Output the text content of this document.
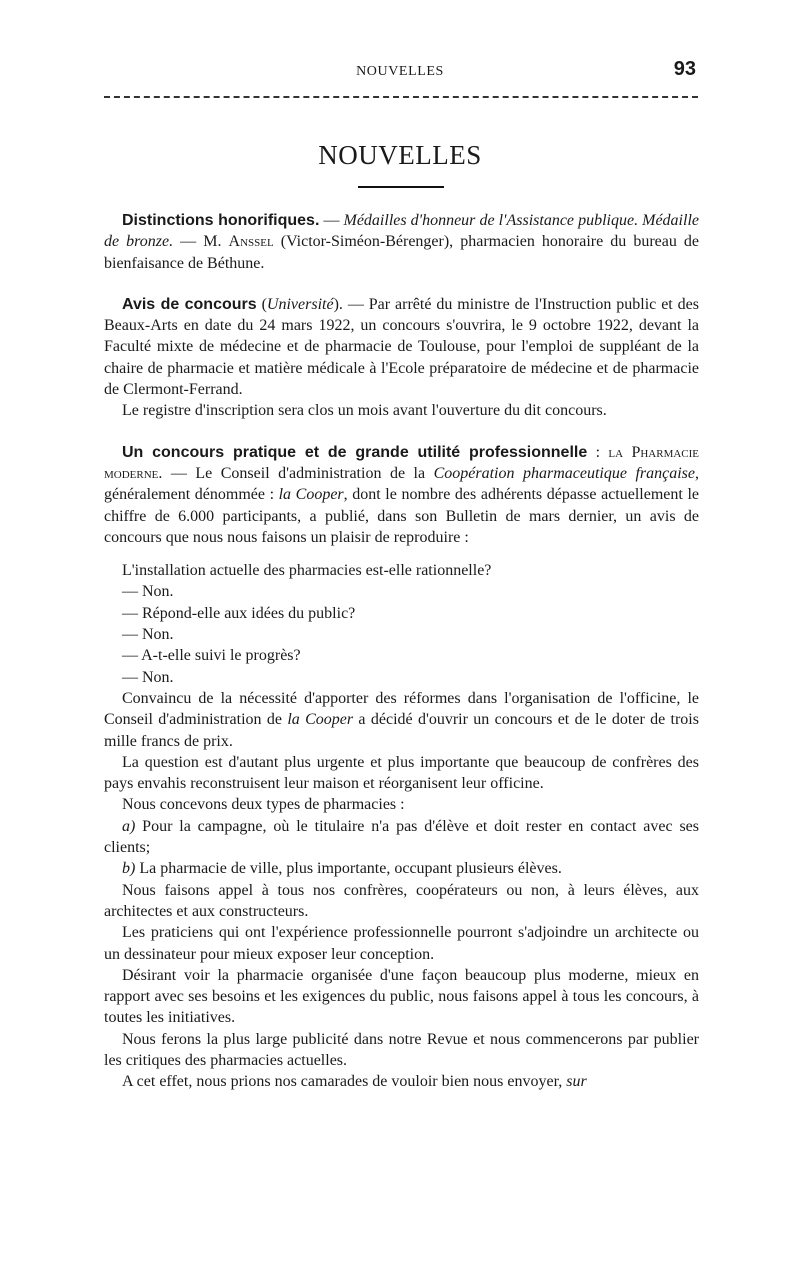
NOUVELLES	93
NOUVELLES

Distinctions honorifiques. — Médailles d'honneur de l'Assistance publique. Médaille de bronze. — M. Anssel (Victor-Siméon-Bérenger), pharmacien honoraire du bureau de bienfaisance de Béthune.

Avis de concours (Université). — Par arrêté du ministre de l'Instruction public et des Beaux-Arts en date du 24 mars 1922, un concours s'ouvrira, le 9 octobre 1922, devant la Faculté mixte de médecine et de pharmacie de Toulouse, pour l'emploi de suppléant de la chaire de pharmacie et matière médicale à l'Ecole préparatoire de médecine et de pharmacie de Clermont-Ferrand.

Le registre d'inscription sera clos un mois avant l'ouverture du dit concours.

Un concours pratique et de grande utilité professionnelle : la Pharmacie moderne. — Le Conseil d'administration de la Coopération pharmaceutique française, généralement dénommée : la Cooper, dont le nombre des adhérents dépasse actuellement le chiffre de 6.000 participants, a publié, dans son Bulletin de mars dernier, un avis de concours que nous nous faisons un plaisir de reproduire :

L'installation actuelle des pharmacies est-elle rationnelle?

— Non.

— Répond-elle aux idées du public?

— Non.

— A-t-elle suivi le progrès?

— Non.

Convaincu de la nécessité d'apporter des réformes dans l'organisation de l'officine, le Conseil d'administration de la Cooper a décidé d'ouvrir un concours et de le doter de trois mille francs de prix.

La question est d'autant plus urgente et plus importante que beaucoup de confrères des pays envahis reconstruisent leur maison et réorganisent leur officine.

Nous concevons deux types de pharmacies :

a) Pour la campagne, où le titulaire n'a pas d'élève et doit rester en contact avec ses clients;

b) La pharmacie de ville, plus importante, occupant plusieurs élèves.

Nous faisons appel à tous nos confrères, coopérateurs ou non, à leurs élèves, aux architectes et aux constructeurs.

Les praticiens qui ont l'expérience professionnelle pourront s'adjoindre un architecte ou un dessinateur pour mieux exposer leur conception.

Désirant voir la pharmacie organisée d'une façon beaucoup plus moderne, mieux en rapport avec ses besoins et les exigences du public, nous faisons appel à tous les concours, à toutes les initiatives.

Nous ferons la plus large publicité dans notre Revue et nous commencerons par publier les critiques des pharmacies actuelles.

A cet effet, nous prions nos camarades de vouloir bien nous envoyer, sur
